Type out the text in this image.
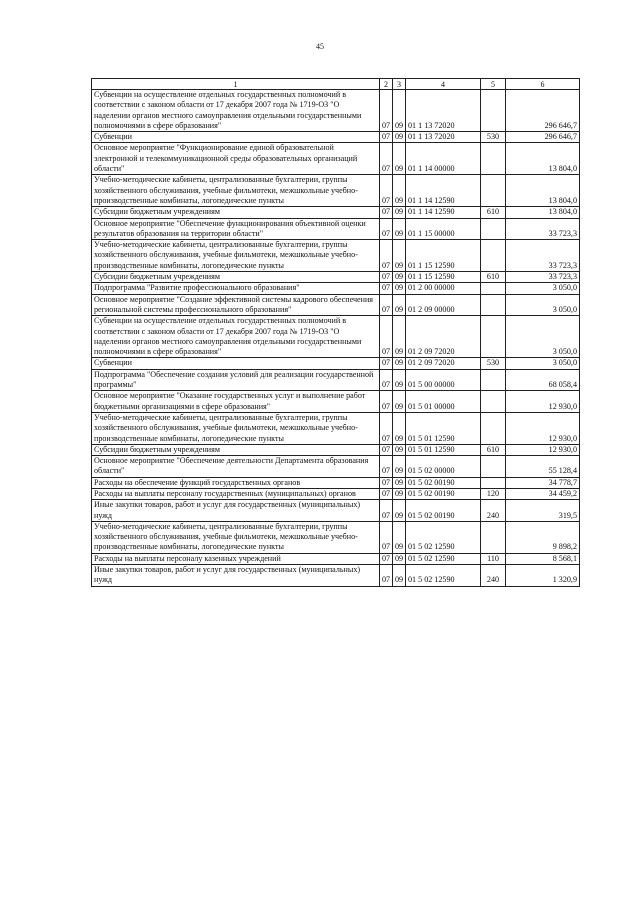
45
1	2	3	4	5	6
Субвенции на осуществление отдельных государственных полномочий в соответствии с законом области от 17 декабря 2007 года № 1719-ОЗ "О наделении органов местного самоуправления отдельными государственными полномочиями в сфере образования"	07	09	01 1 13 72020		296 646,7
Субвенции	07	09	01 1 13 72020	530	296 646,7
Основное мероприятие "Функционирование единой образовательной электронной и телекоммуникационной среды образовательных организаций области"	07	09	01 1 14 00000		13 804,0
Учебно-методические кабинеты, централизованные бухгалтерии, группы хозяйственного обслуживания, учебные фильмотеки, межшкольные учебно-производственные комбинаты, логопедические пункты	07	09	01 1 14 12590		13 804,0
Субсидии бюджетным учреждениям	07	09	01 1 14 12590	610	13 804,0
Основное мероприятие "Обеспечение функционирования объективной оценки результатов образования на территории области"	07	09	01 1 15 00000		33 723,3
Учебно-методические кабинеты, централизованные бухгалтерии, группы хозяйственного обслуживания, учебные фильмотеки, межшкольные учебно-производственные комбинаты, логопедические пункты	07	09	01 1 15 12590		33 723,3
Субсидии бюджетным учреждениям	07	09	01 1 15 12590	610	33 723,3
Подпрограмма "Развитие профессионального образования"	07	09	01 2 00 00000		3 050,0
Основное мероприятие "Создание эффективной системы кадрового обеспечения региональной системы профессионального образования"	07	09	01 2 09 00000		3 050,0
Субвенции на осуществление отдельных государственных полномочий в соответствии с законом области от 17 декабря 2007 года № 1719-ОЗ "О наделении органов местного самоуправления отдельными государственными полномочиями в сфере образования"	07	09	01 2 09 72020		3 050,0
Субвенции	07	09	01 2 09 72020	530	3 050,0
Подпрограмма "Обеспечение создания условий для реализации государственной программы"	07	09	01 5 00 00000		68 058,4
Основное мероприятие "Оказание государственных услуг и выполнение работ бюджетными организациями в сфере образования"	07	09	01 5 01 00000		12 930,0
Учебно-методические кабинеты, централизованные бухгалтерии, группы хозяйственного обслуживания, учебные фильмотеки, межшкольные учебно-производственные комбинаты, логопедические пункты	07	09	01 5 01 12590		12 930,0
Субсидии бюджетным учреждениям	07	09	01 5 01 12590	610	12 930,0
Основное мероприятие "Обеспечение деятельности Департамента образования области"	07	09	01 5 02 00000		55 128,4
Расходы на обеспечение функций государственных органов	07	09	01 5 02 00190		34 778,7
Расходы на выплаты персоналу государственных (муниципальных) органов	07	09	01 5 02 00190	120	34 459,2
Иные закупки товаров, работ и услуг для государственных (муниципальных) нужд	07	09	01 5 02 00190	240	319,5
Учебно-методические кабинеты, централизованные бухгалтерии, группы хозяйственного обслуживания, учебные фильмотеки, межшкольные учебно-производственные комбинаты, логопедические пункты	07	09	01 5 02 12590		9 898,2
Расходы на выплаты персоналу казенных учреждений	07	09	01 5 02 12590	110	8 568,1
Иные закупки товаров, работ и услуг для государственных (муниципальных) нужд	07	09	01 5 02 12590	240	1 320,9
